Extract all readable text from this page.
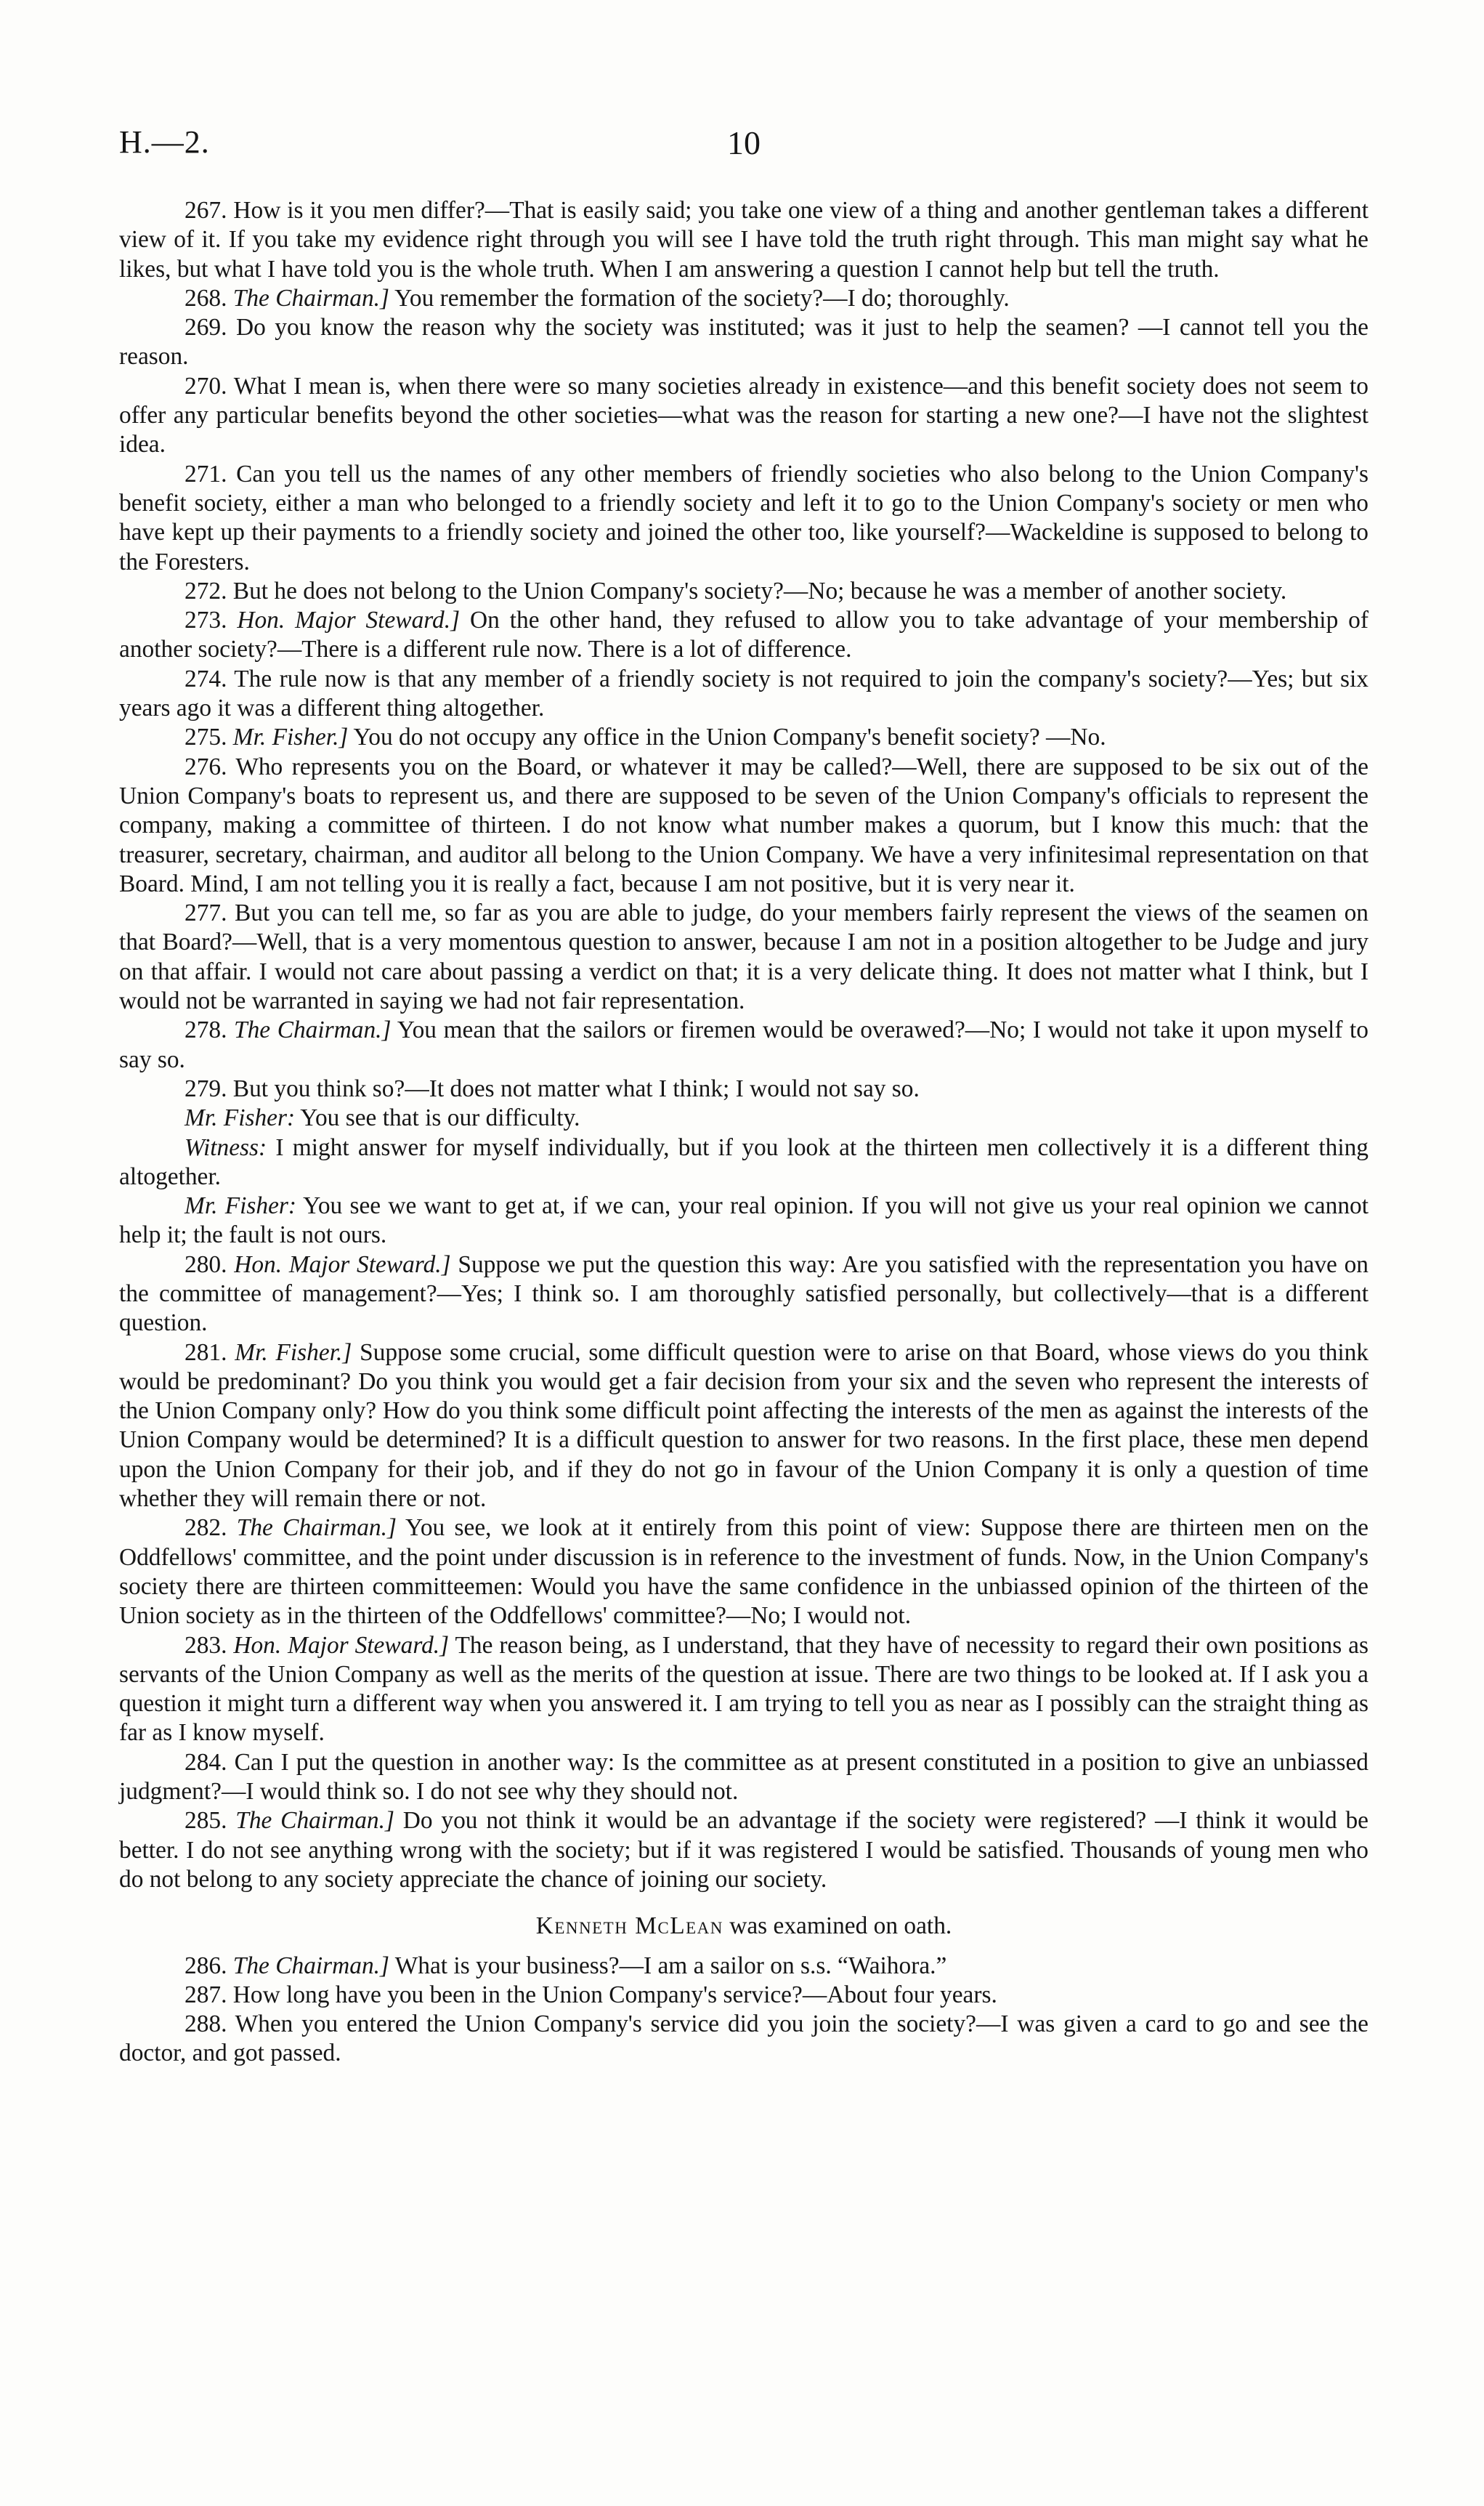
H.—2.	10

267. How is it you men differ?—That is easily said; you take one view of a thing and another gentleman takes a different view of it. If you take my evidence right through you will see I have told the truth right through. This man might say what he likes, but what I have told you is the whole truth. When I am answering a question I cannot help but tell the truth.

268. The Chairman.] You remember the formation of the society?—I do; thoroughly.

269. Do you know the reason why the society was instituted; was it just to help the seamen? —I cannot tell you the reason.

270. What I mean is, when there were so many societies already in existence—and this benefit society does not seem to offer any particular benefits beyond the other societies—what was the reason for starting a new one?—I have not the slightest idea.

271. Can you tell us the names of any other members of friendly societies who also belong to the Union Company's benefit society, either a man who belonged to a friendly society and left it to go to the Union Company's society or men who have kept up their payments to a friendly society and joined the other too, like yourself?—Wackeldine is supposed to belong to the Foresters.

272. But he does not belong to the Union Company's society?—No; because he was a member of another society.

273. Hon. Major Steward.] On the other hand, they refused to allow you to take advantage of your membership of another society?—There is a different rule now. There is a lot of difference.

274. The rule now is that any member of a friendly society is not required to join the company's society?—Yes; but six years ago it was a different thing altogether.

275. Mr. Fisher.] You do not occupy any office in the Union Company's benefit society? —No.

276. Who represents you on the Board, or whatever it may be called?—Well, there are supposed to be six out of the Union Company's boats to represent us, and there are supposed to be seven of the Union Company's officials to represent the company, making a committee of thirteen. I do not know what number makes a quorum, but I know this much: that the treasurer, secretary, chairman, and auditor all belong to the Union Company. We have a very infinitesimal representation on that Board. Mind, I am not telling you it is really a fact, because I am not positive, but it is very near it.

277. But you can tell me, so far as you are able to judge, do your members fairly represent the views of the seamen on that Board?—Well, that is a very momentous question to answer, because I am not in a position altogether to be Judge and jury on that affair. I would not care about passing a verdict on that; it is a very delicate thing. It does not matter what I think, but I would not be warranted in saying we had not fair representation.

278. The Chairman.] You mean that the sailors or firemen would be overawed?—No; I would not take it upon myself to say so.

279. But you think so?—It does not matter what I think; I would not say so.

Mr. Fisher: You see that is our difficulty.

Witness: I might answer for myself individually, but if you look at the thirteen men collectively it is a different thing altogether.

Mr. Fisher: You see we want to get at, if we can, your real opinion. If you will not give us your real opinion we cannot help it; the fault is not ours.

280. Hon. Major Steward.] Suppose we put the question this way: Are you satisfied with the representation you have on the committee of management?—Yes; I think so. I am thoroughly satisfied personally, but collectively—that is a different question.

281. Mr. Fisher.] Suppose some crucial, some difficult question were to arise on that Board, whose views do you think would be predominant? Do you think you would get a fair decision from your six and the seven who represent the interests of the Union Company only? How do you think some difficult point affecting the interests of the men as against the interests of the Union Company would be determined? It is a difficult question to answer for two reasons. In the first place, these men depend upon the Union Company for their job, and if they do not go in favour of the Union Company it is only a question of time whether they will remain there or not.

282. The Chairman.] You see, we look at it entirely from this point of view: Suppose there are thirteen men on the Oddfellows' committee, and the point under discussion is in reference to the investment of funds. Now, in the Union Company's society there are thirteen committeemen: Would you have the same confidence in the unbiassed opinion of the thirteen of the Union society as in the thirteen of the Oddfellows' committee?—No; I would not.

283. Hon. Major Steward.] The reason being, as I understand, that they have of necessity to regard their own positions as servants of the Union Company as well as the merits of the question at issue. There are two things to be looked at. If I ask you a question it might turn a different way when you answered it. I am trying to tell you as near as I possibly can the straight thing as far as I know myself.

284. Can I put the question in another way: Is the committee as at present constituted in a position to give an unbiassed judgment?—I would think so. I do not see why they should not.

285. The Chairman.] Do you not think it would be an advantage if the society were registered? —I think it would be better. I do not see anything wrong with the society; but if it was registered I would be satisfied. Thousands of young men who do not belong to any society appreciate the chance of joining our society.

Kenneth McLean was examined on oath.

286. The Chairman.] What is your business?—I am a sailor on s.s. “Waihora.”

287. How long have you been in the Union Company's service?—About four years.

288. When you entered the Union Company's service did you join the society?—I was given a card to go and see the doctor, and got passed.
